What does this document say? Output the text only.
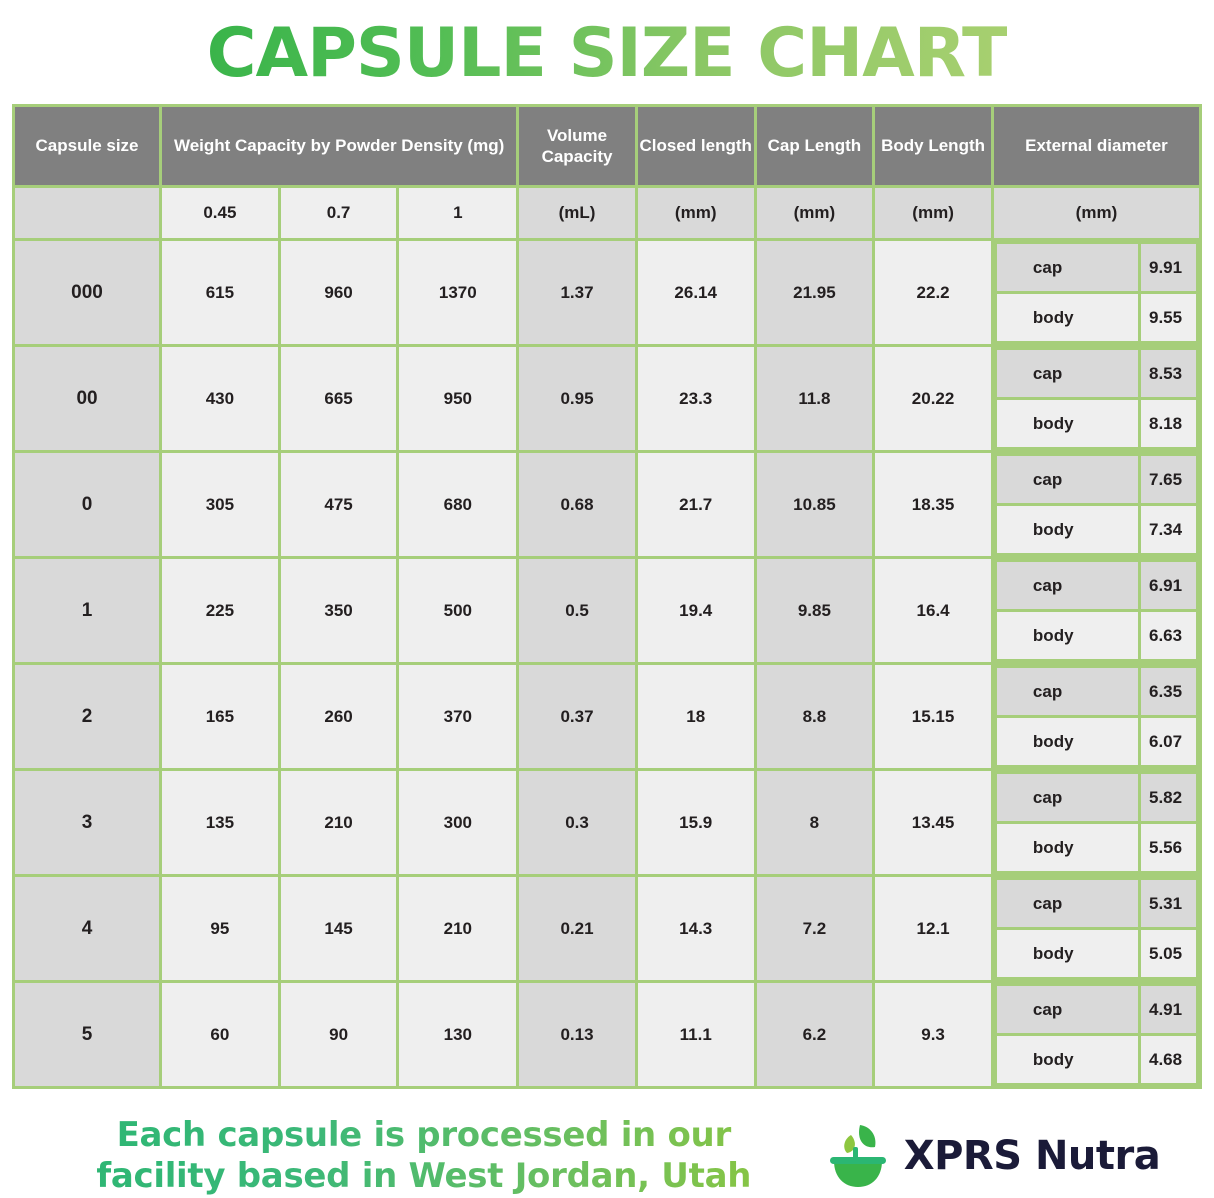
CAPSULE SIZE CHART
Capsule size	Weight Capacity by Powder Density (mg)	Volume Capacity	Closed length	Cap Length	Body Length	External diameter
	0.45	0.7	1	(mL)	(mm)	(mm)	(mm)	(mm)
000	615	960	1370	1.37	26.14	21.95	22.2	
cap	9.91
body	9.55

00	430	665	950	0.95	23.3	11.8	20.22	
cap	8.53
body	8.18

0	305	475	680	0.68	21.7	10.85	18.35	
cap	7.65
body	7.34

1	225	350	500	0.5	19.4	9.85	16.4	
cap	6.91
body	6.63

2	165	260	370	0.37	18	8.8	15.15	
cap	6.35
body	6.07

3	135	210	300	0.3	15.9	8	13.45	
cap	5.82
body	5.56

4	95	145	210	0.21	14.3	7.2	12.1	
cap	5.31
body	5.05

5	60	90	130	0.13	11.1	6.2	9.3	
cap	4.91
body	4.68
Each capsule is processed in our facility based in West Jordan, Utah	XPRS Nutra
